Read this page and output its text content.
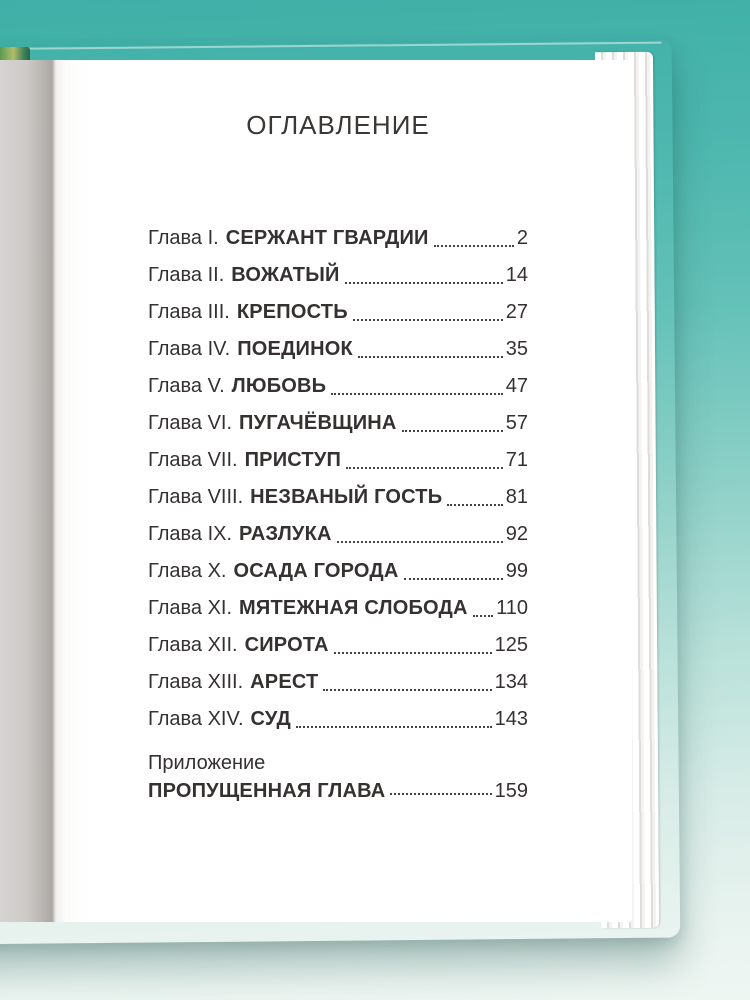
ОГЛАВЛЕНИЕ
Глава I. СЕРЖАНТ ГВАРДИИ	2
Глава II. ВОЖАТЫЙ	14
Глава III. КРЕПОСТЬ	27
Глава IV. ПОЕДИНОК	35
Глава V. ЛЮБОВЬ	47
Глава VI. ПУГАЧЁВЩИНА	57
Глава VII. ПРИСТУП	71
Глава VIII. НЕЗВАНЫЙ ГОСТЬ	81
Глава IX. РАЗЛУКА	92
Глава X. ОСАДА ГОРОДА	99
Глава XI. МЯТЕЖНАЯ СЛОБОДА 110
Глава XII. СИРОТА	125
Глава XIII. АРЕСТ	134
Глава XIV. СУД	143
Приложение
ПРОПУЩЕННАЯ ГЛАВА	159
